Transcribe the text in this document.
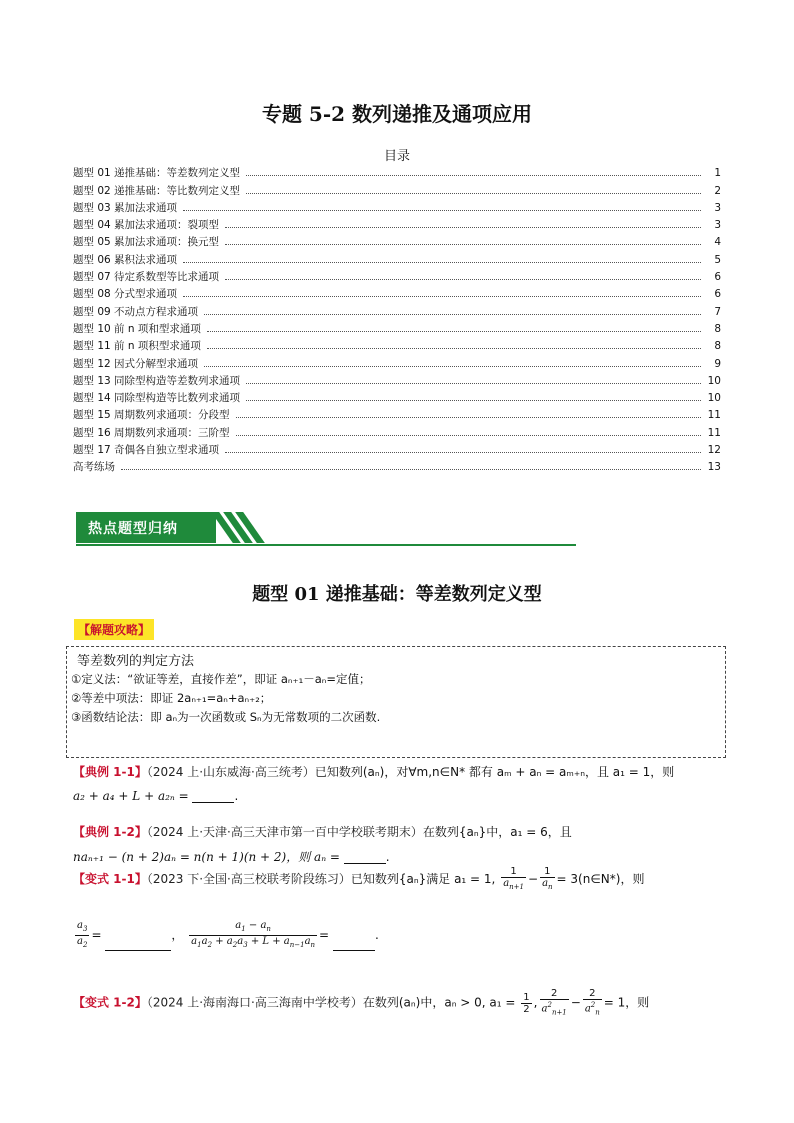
专题 5-2 数列递推及通项应用
目录
题型 01 递推基础：等差数列定义型	1
题型 02 递推基础：等比数列定义型	2
题型 03 累加法求通项	3
题型 04 累加法求通项：裂项型	3
题型 05 累加法求通项：换元型	4
题型 06 累积法求通项	5
题型 07 待定系数型等比求通项	6
题型 08 分式型求通项	6
题型 09 不动点方程求通项	7
题型 10 前 n 项和型求通项	8
题型 11 前 n 项积型求通项	8
题型 12 因式分解型求通项	9
题型 13 同除型构造等差数列求通项	10
题型 14 同除型构造等比数列求通项	10
题型 15 周期数列求通项：分段型	11
题型 16 周期数列求通项：三阶型	11
题型 17 奇偶各自独立型求通项	12
高考练场	13
热点题型归纳
题型 01 递推基础：等差数列定义型
【解题攻略】
等差数列的判定方法
①定义法：“欲证等差，直接作差”，即证 aₙ₊₁－aₙ=定值；
②等差中项法：即证 2aₙ₊₁=aₙ+aₙ₊₂；
③函数结论法：即 aₙ为一次函数或 Sₙ为无常数项的二次函数.
【典例 1-1】（2024 上·山东威海·高三统考）已知数列(aₙ)，对∀m,n∈N* 都有 aₘ + aₙ = aₘ₊ₙ，且 a₁ = 1，则
a₂ + a₄ + L + a₂ₙ =	.
【典例 1-2】（2024 上·天津·高三天津市第一百中学校联考期末）在数列{aₙ}中，a₁ = 6，且
naₙ₊₁ − (n + 2)aₙ = n(n + 1)(n + 2)，则 aₙ =	.
【变式 1-1】（2023 下·全国·高三校联考阶段练习）已知数列{aₙ}满足 a₁ = 1, $\frac{1}{a_{n+1}} - \frac{1}{a_n}$ = 3(n∈N*)，则
$\frac{a_3}{a_2}$ =	， $\frac{a_1 - a_n}{a_1a_2 + a_2a_3 + L + a_{n-1}a_n}$ =	.
【变式 1-2】（2024 上·海南海口·高三海南中学校考）在数列(aₙ)中，aₙ > 0, $a_1 = \frac{1}{2}$ , $\frac{2}{a^2_{n+1}} - \frac{2}{a^2_n} = 1$，则
